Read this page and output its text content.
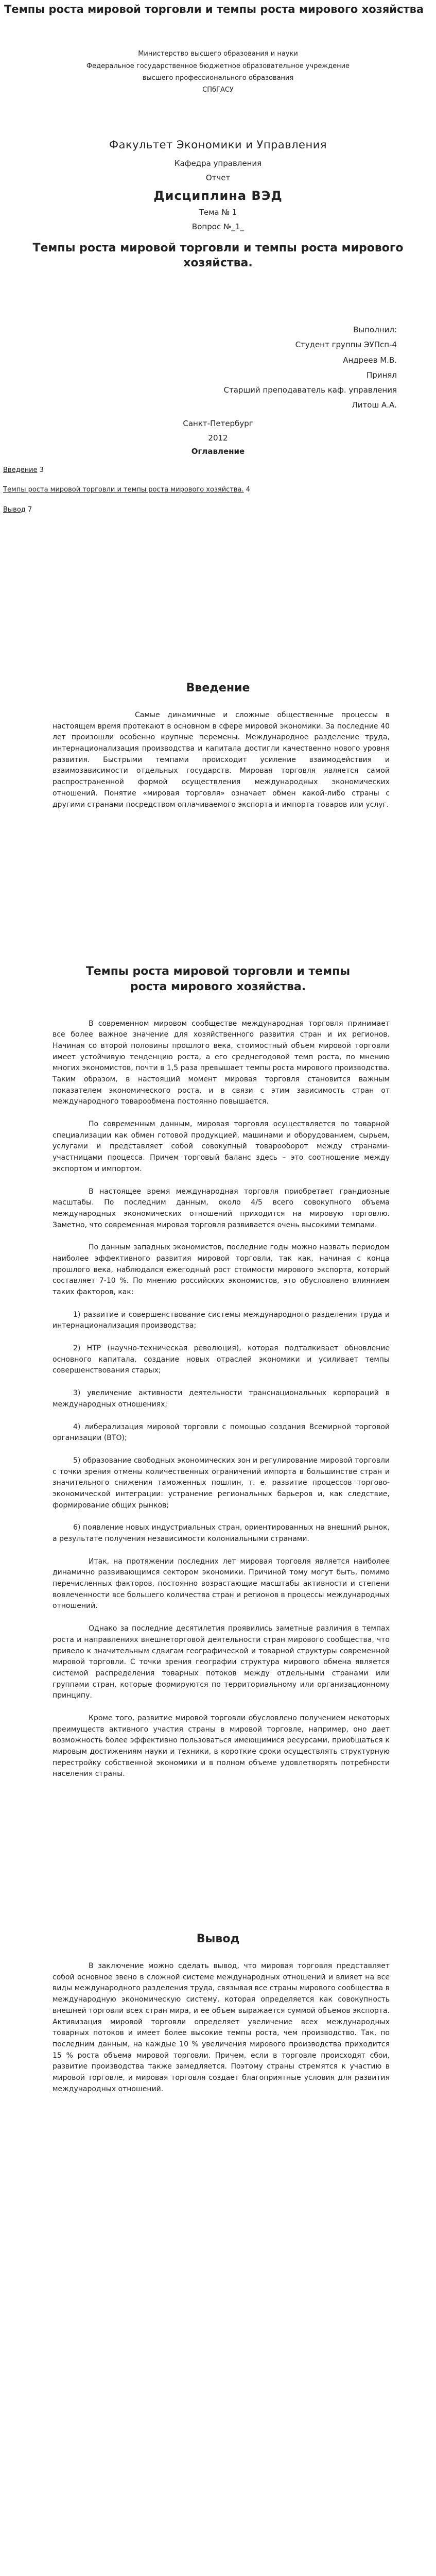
Темпы роста мировой торговли и темпы роста мирового хозяйства
Министерство высшего образования и науки
Федеральное государственное бюджетное образовательное учреждение
высшего профессионального образования
СПбГАСУ
Факультет Экономики и Управления
Кафедра управления
Отчет
Дисциплина ВЭД
Тема № 1
Вопрос №_1_
Темпы роста мировой торговли и темпы роста мирового хозяйства.
Выполнил:
Студент группы ЭУПсп-4
Андреев М.В.
Принял
Старший преподаватель каф. управления
Литош А.А.
Санкт-Петербург
2012
Оглавление

Введение 3

Темпы роста мировой торговли и темпы роста мирового хозяйства. 4

Вывод 7

Введение

Самые динамичные и сложные общественные процессы в настоящем время протекают в основном в сфере мировой экономики. За последние 40 лет произошли особенно крупные перемены. Международное разделение труда, интернационализация производства и капитала достигли качественно нового уровня развития. Быстрыми темпами происходит усиление взаимодействия и взаимозависимости отдельных государств. Мировая торговля является самой распространенной формой осуществления международных экономических отношений. Понятие «мировая торговля» означает обмен какой-либо страны с другими странами посредством оплачиваемого экспорта и импорта товаров или услуг.

Темпы роста мировой торговли и темпы роста мирового хозяйства.

В современном мировом сообществе международная торговля принимает все более важное значение для хозяйственного развития стран и их регионов. Начиная со второй половины прошлого века, стоимостный объем мировой торговли имеет устойчивую тенденцию роста, а его среднегодовой темп роста, по мнению многих экономистов, почти в 1,5 раза превышает темпы роста мирового производства. Таким образом, в настоящий момент мировая торговля становится важным показателем экономического роста, и в связи с этим зависимость стран от международного товарообмена постоянно повышается.

По современным данным, мировая торговля осуществляется по товарной специализации как обмен готовой продукцией, машинами и оборудованием, сырьем, услугами и представляет собой совокупный товарооборот между странами-участницами процесса. Причем торговый баланс здесь – это соотношение между экспортом и импортом.

В настоящее время международная торговля приобретает грандиозные масштабы. По последним данным, около 4/5 всего совокупного объема международных экономических отношений приходится на мировую торговлю. Заметно, что современная мировая торговля развивается очень высокими темпами.

По данным западных экономистов, последние годы можно назвать периодом наиболее эффективного развития мировой торговли, так как, начиная с конца прошлого века, наблюдался ежегодный рост стоимости мирового экспорта, который составляет 7-10 %. По мнению российских экономистов, это обусловлено влиянием таких факторов, как:

1) развитие и совершенствование системы международного разделения труда и интернационализация производства;

2) НТР (научно-техническая революция), которая подталкивает обновление основного капитала, создание новых отраслей экономики и усиливает темпы совершенствования старых;

3) увеличение активности деятельности транснациональных корпораций в международных отношениях;

4) либерализация мировой торговли с помощью создания Всемирной торговой организации (ВТО);

5) образование свободных экономических зон и регулирование мировой торговли с точки зрения отмены количественных ограничений импорта в большинстве стран и значительного снижения таможенных пошлин, т. е. развитие процессов торгово-экономической интеграции: устранение региональных барьеров и, как следствие, формирование общих рынков;

6) появление новых индустриальных стран, ориентированных на внешний рынок, а результате получения независимости колониальными странами.

Итак, на протяжении последних лет мировая торговля является наиболее динамично развивающимся сектором экономики. Причиной тому могут быть, помимо перечисленных факторов, постоянно возрастающие масштабы активности и степени вовлеченности все большего количества стран и регионов в процессы международных отношений.

Однако за последние десятилетия проявились заметные различия в темпах роста и направлениях внешнеторговой деятельности стран мирового сообщества, что привело к значительным сдвигам географической и товарной структуры современной мировой торговли. С точки зрения географии структура мирового обмена является системой распределения товарных потоков между отдельными странами или группами стран, которые формируются по территориальному или организационному принципу.

Кроме того, развитие мировой торговли обусловлено получением некоторых преимуществ активного участия страны в мировой торговле, например, оно дает возможность более эффективно пользоваться имеющимися ресурсами, приобщаться к мировым достижениям науки и техники, в короткие сроки осуществлять структурную перестройку собственной экономики и в полном объеме удовлетворять потребности населения страны.

Вывод

В заключение можно сделать вывод, что мировая торговля представляет собой основное звено в сложной системе международных отношений и влияет на все виды международного разделения труда, связывая все страны мирового сообщества в международную экономическую систему, которая определяется как совокупность внешней торговли всех стран мира, и ее объем выражается суммой объемов экспорта. Активизация мировой торговли определяет увеличение всех международных товарных потоков и имеет более высокие темпы роста, чем производство. Так, по последним данным, на каждые 10 % увеличения мирового производства приходится 15 % роста объема мировой торговли. Причем, если в торговле происходят сбои, развитие производства также замедляется. Поэтому страны стремятся к участию в мировой торговле, и мировая торговля создает благоприятные условия для развития международных отношений.
